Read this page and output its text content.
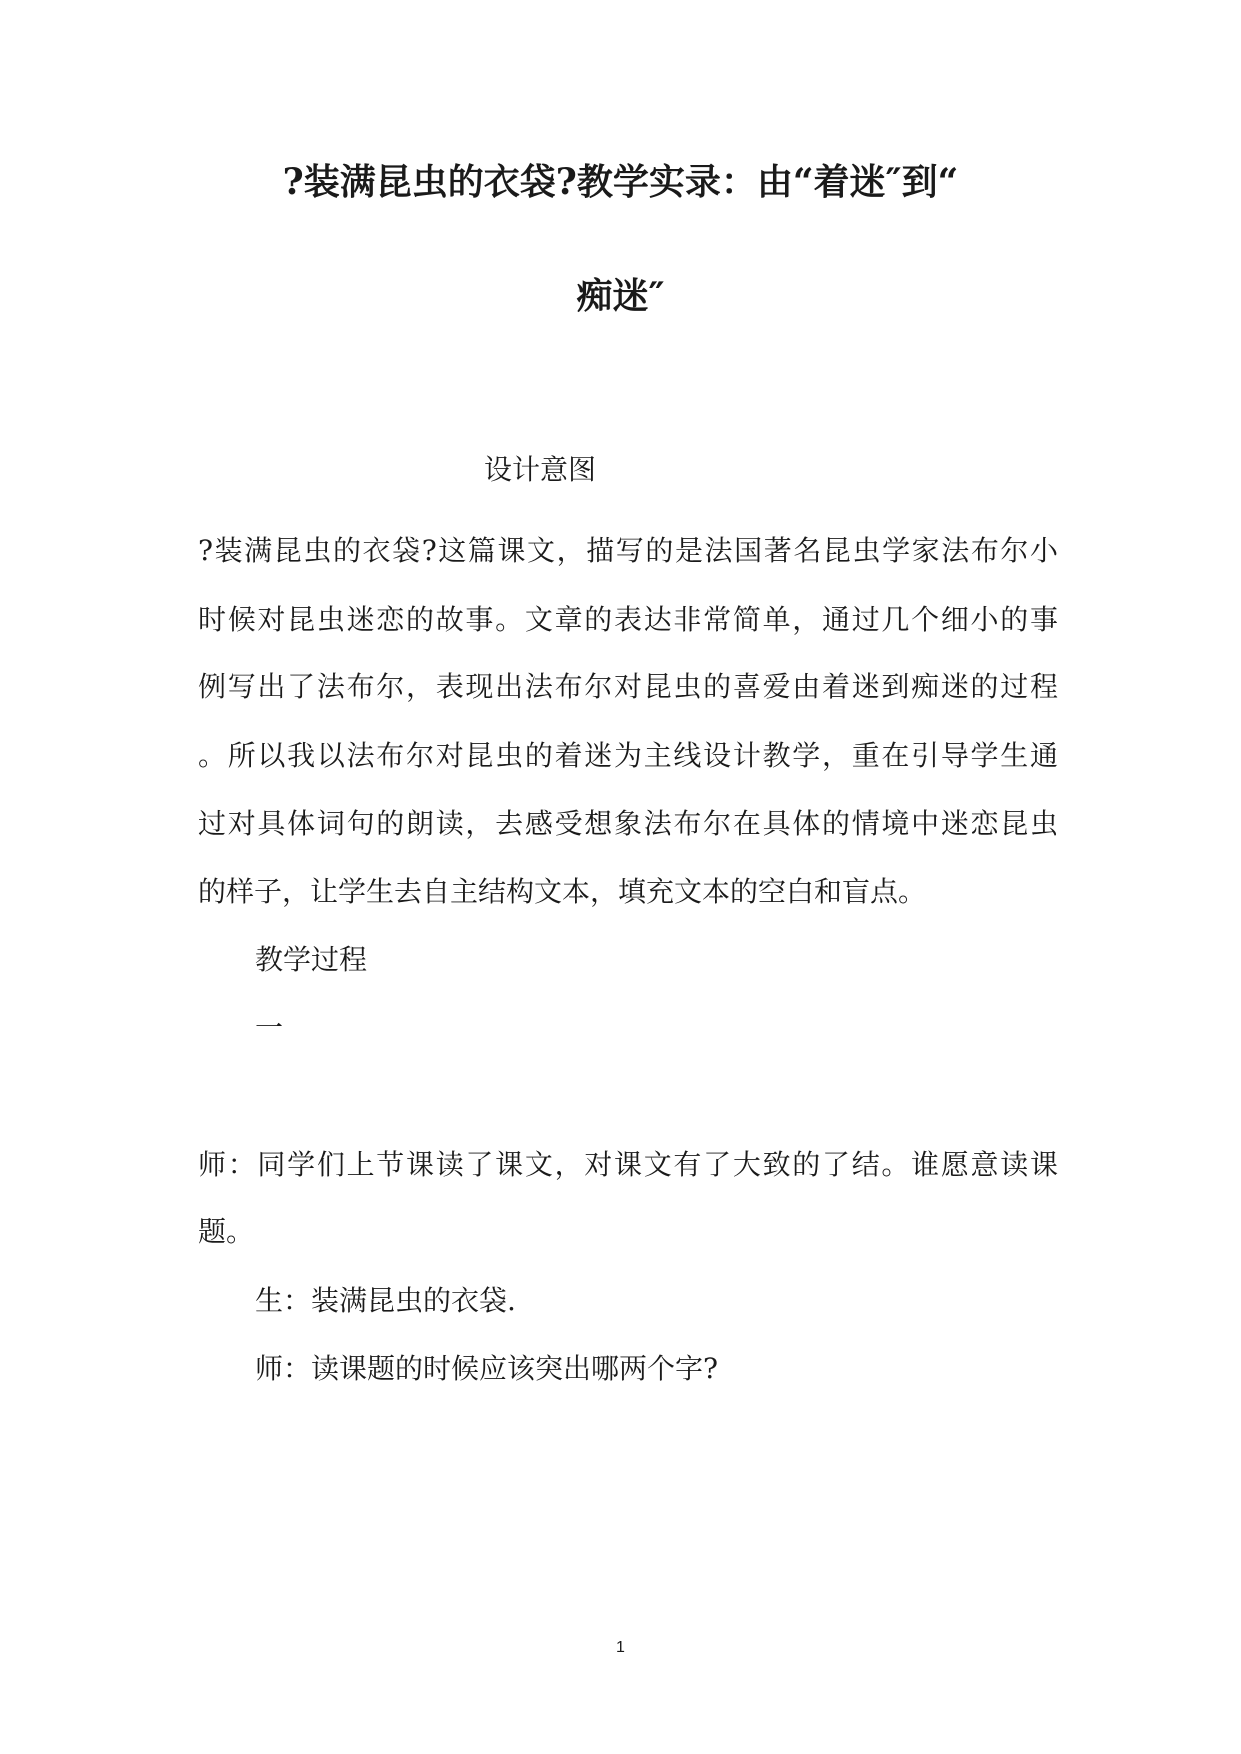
?装满昆虫的衣袋?教学实录：由“着迷″到“
痴迷″
设计意图
?装满昆虫的衣袋?这篇课文，描写的是法国著名昆虫学家法布尔小
时候对昆虫迷恋的故事。文章的表达非常简单，通过几个细小的事
例写出了法布尔，表现出法布尔对昆虫的喜爱由着迷到痴迷的过程
。所以我以法布尔对昆虫的着迷为主线设计教学，重在引导学生通
过对具体词句的朗读，去感受想象法布尔在具体的情境中迷恋昆虫
的样子，让学生去自主结构文本，填充文本的空白和盲点。
教学过程
一
师：同学们上节课读了课文，对课文有了大致的了结。谁愿意读课
题。
生：装满昆虫的衣袋.
师：读课题的时候应该突出哪两个字?
1
